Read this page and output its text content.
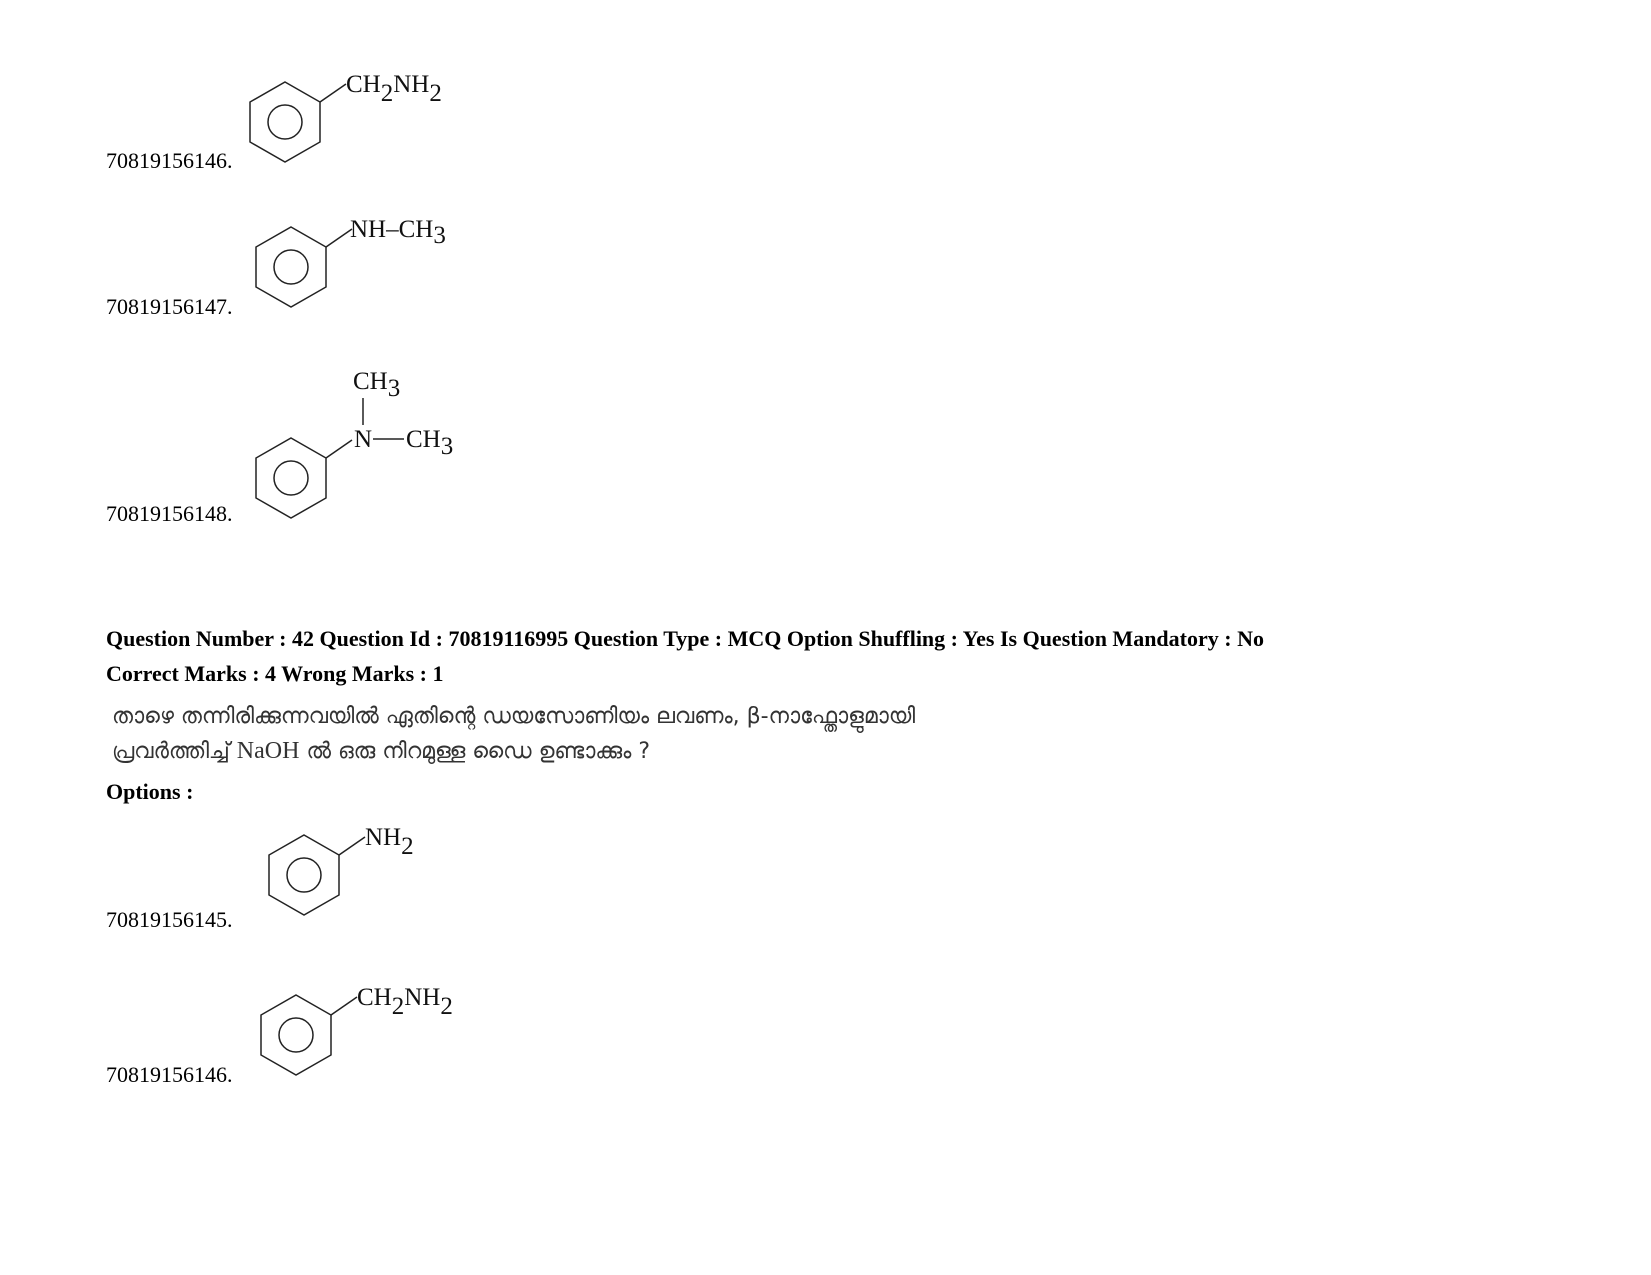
CH2NH2
70819156146.
NH–CH3
70819156147.
CH3
N CH3
70819156148.
Question Number : 42 Question Id : 70819116995 Question Type : MCQ Option Shuffling : Yes Is Question Mandatory : No
Correct Marks : 4 Wrong Marks : 1
താഴെ തന്നിരിക്കുന്നവയിൽ ഏതിന്റെ ഡയസോണിയം ലവണം, β-നാഫ്തോളുമായി
പ്രവർത്തിച്ച് NaOH ൽ ഒരു നിറമുള്ള ഡൈ ഉണ്ടാക്കും ?
Options :
NH2
70819156145.
CH2NH2
70819156146.
